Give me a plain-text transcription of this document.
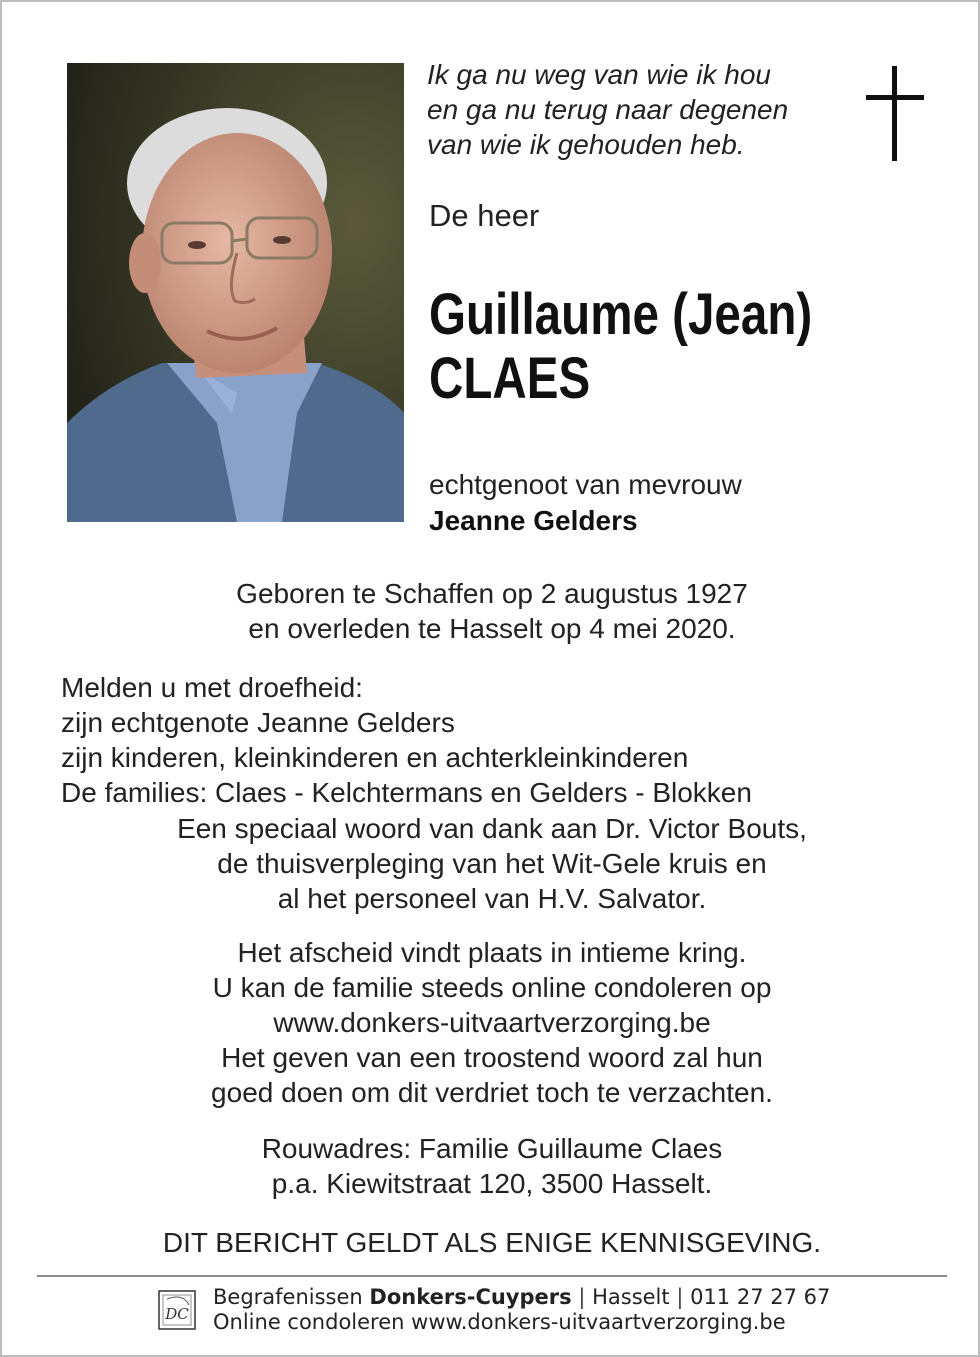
Ik ga nu weg van wie ik hou
en ga nu terug naar degenen
van wie ik gehouden heb.
De heer
Guillaume (Jean)
CLAES
echtgenoot van mevrouw
Jeanne Gelders
Geboren te Schaffen op 2 augustus 1927
en overleden te Hasselt op 4 mei 2020.
Melden u met droefheid:
zijn echtgenote Jeanne Gelders
zijn kinderen, kleinkinderen en achterkleinkinderen
De families: Claes - Kelchtermans en Gelders - Blokken
Een speciaal woord van dank aan Dr. Victor Bouts,
de thuisverpleging van het Wit-Gele kruis en
al het personeel van H.V. Salvator.
Het afscheid vindt plaats in intieme kring.
U kan de familie steeds online condoleren op
www.donkers-uitvaartverzorging.be
Het geven van een troostend woord zal hun
goed doen om dit verdriet toch te verzachten.
Rouwadres: Familie Guillaume Claes
p.a. Kiewitstraat 120, 3500 Hasselt.
DIT BERICHT GELDT ALS ENIGE KENNISGEVING.
DC
Begrafenissen Donkers-Cuypers | Hasselt | 011 27 27 67
Online condoleren www.donkers-uitvaartverzorging.be
